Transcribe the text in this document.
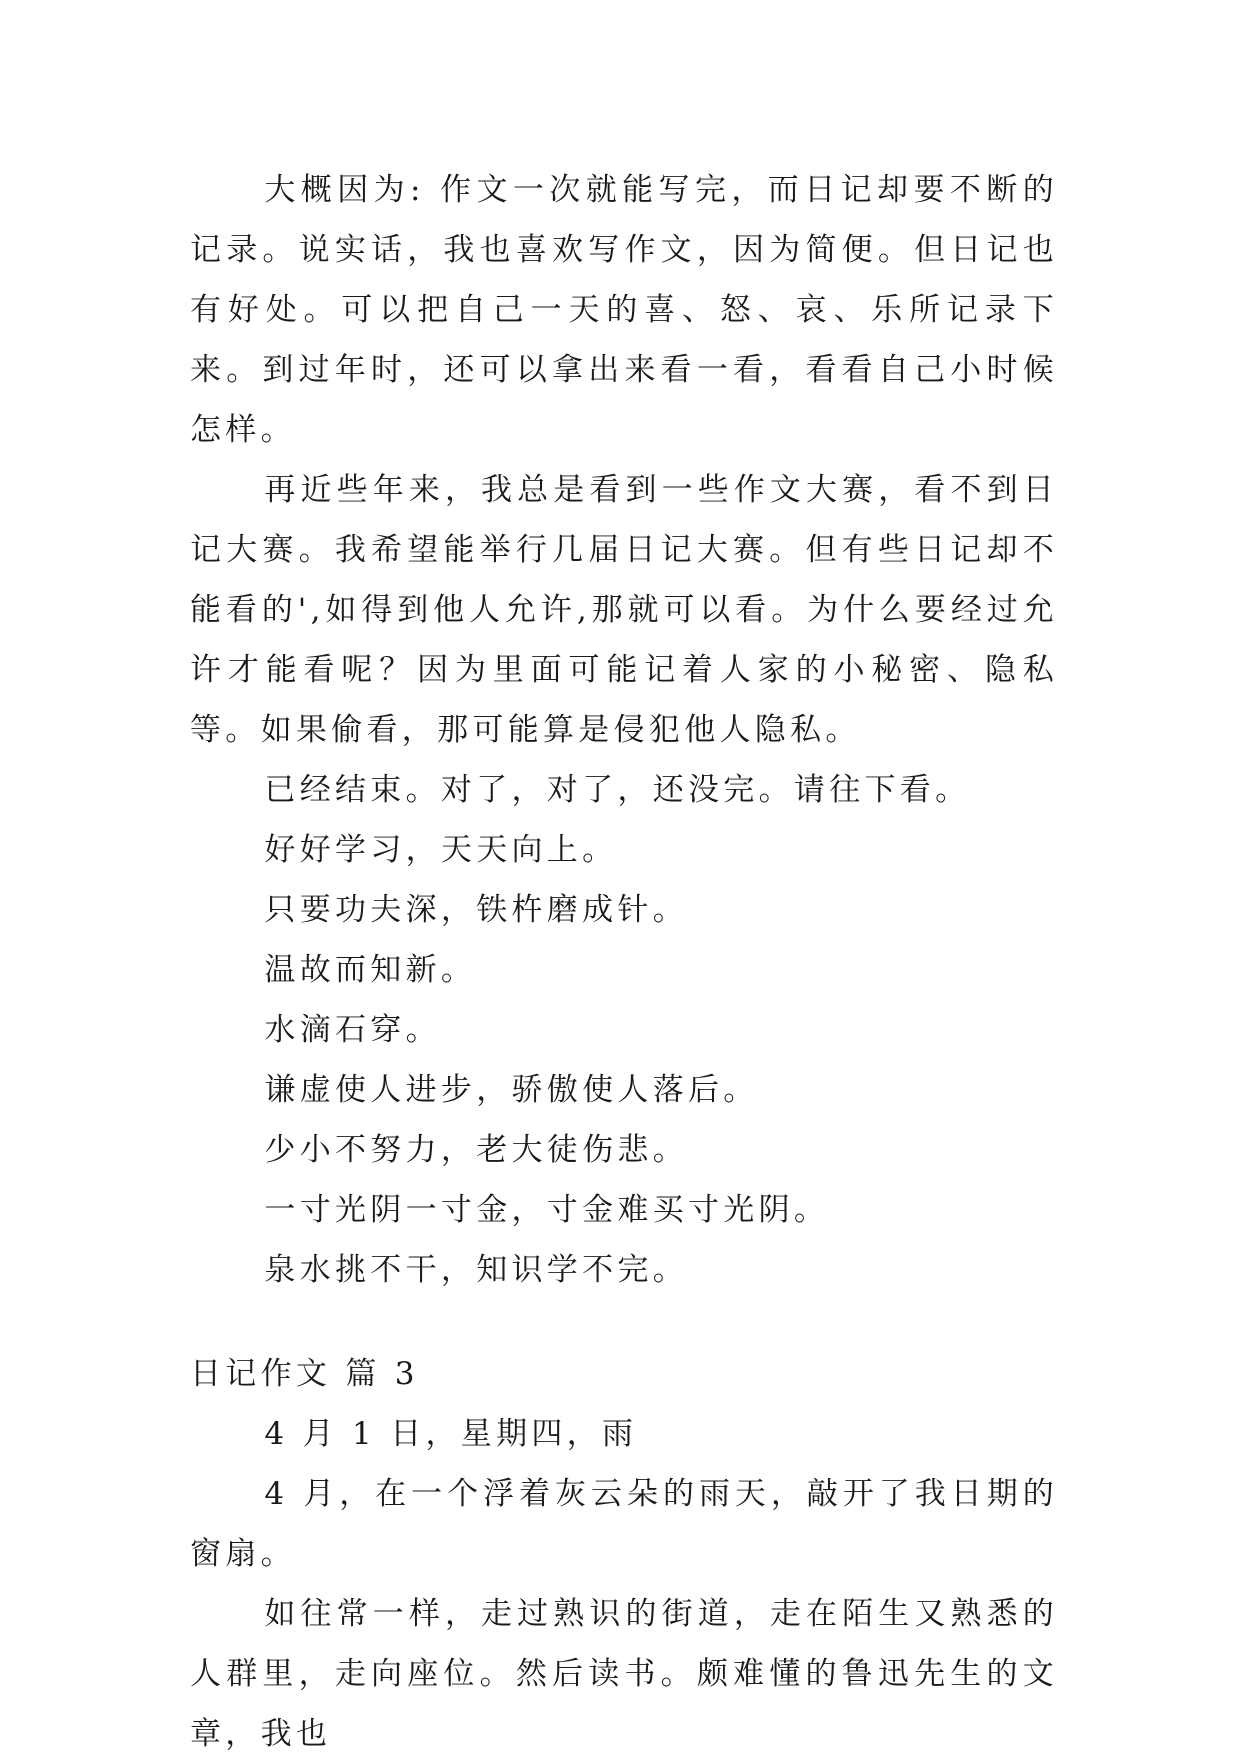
大概因为: 作文一次就能写完，而日记却要不断的记录。说实话，我也喜欢写作文，因为简便。但日记也有好处。可以把自己一天的喜、怒、哀、乐所记录下来。到过年时，还可以拿出来看一看，看看自己小时候怎样。

再近些年来，我总是看到一些作文大赛，看不到日记大赛。我希望能举行几届日记大赛。但有些日记却不能看的',如得到他人允许,那就可以看。为什么要经过允许才能看呢？因为里面可能记着人家的小秘密、隐私等。如果偷看，那可能算是侵犯他人隐私。

已经结束。对了，对了，还没完。请往下看。

好好学习，天天向上。

只要功夫深，铁杵磨成针。

温故而知新。

水滴石穿。

谦虚使人进步，骄傲使人落后。

少小不努力，老大徒伤悲。

一寸光阴一寸金，寸金难买寸光阴。

泉水挑不干，知识学不完。

日记作文 篇 3

4 月 1 日，星期四，雨

4 月，在一个浮着灰云朵的雨天，敲开了我日期的窗扇。

如往常一样，走过熟识的街道，走在陌生又熟悉的人群里，走向座位。然后读书。颇难懂的鲁迅先生的文章，我也
